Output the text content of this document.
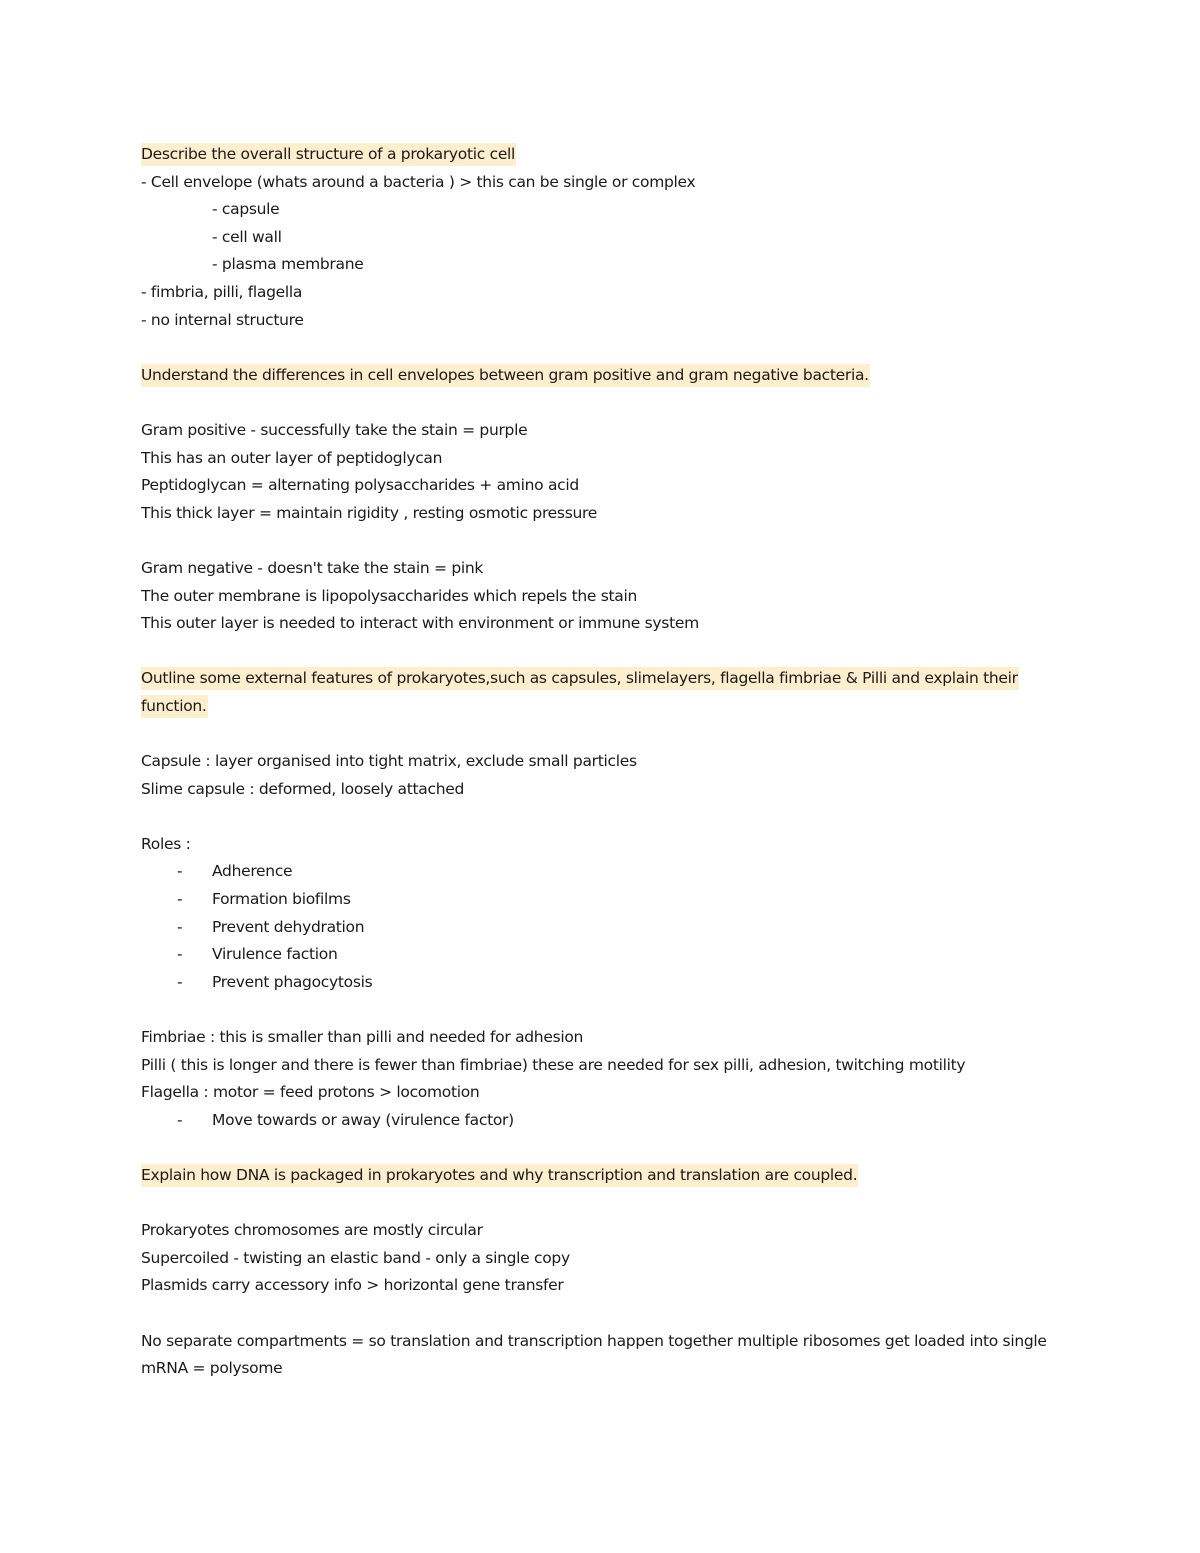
Describe the overall structure of a prokaryotic cell
- Cell envelope (whats around a bacteria ) > this can be single or complex
- capsule
- cell wall
- plasma membrane
- fimbria, pilli, flagella
- no internal structure
Understand the differences in cell envelopes between gram positive and gram negative bacteria.
Gram positive - successfully take the stain = purple
This has an outer layer of peptidoglycan
Peptidoglycan = alternating polysaccharides + amino acid
This thick layer = maintain rigidity , resting osmotic pressure
Gram negative - doesn't take the stain = pink
The outer membrane is lipopolysaccharides which repels the stain
This outer layer is needed to interact with environment or immune system
Outline some external features of prokaryotes,such as capsules, slimelayers, flagella fimbriae & Pilli and explain their function.
Capsule : layer organised into tight matrix, exclude small particles
Slime capsule : deformed, loosely attached
Roles :
- Adherence
- Formation biofilms
- Prevent dehydration
- Virulence faction
- Prevent phagocytosis
Fimbriae : this is smaller than pilli and needed for adhesion
Pilli ( this is longer and there is fewer than fimbriae) these are needed for sex pilli, adhesion, twitching motility
Flagella : motor = feed protons > locomotion
- Move towards or away (virulence factor)
Explain how DNA is packaged in prokaryotes and why transcription and translation are coupled.
Prokaryotes chromosomes are mostly circular
Supercoiled - twisting an elastic band - only a single copy
Plasmids carry accessory info > horizontal gene transfer
No separate compartments = so translation and transcription happen together multiple ribosomes get loaded into single mRNA = polysome
